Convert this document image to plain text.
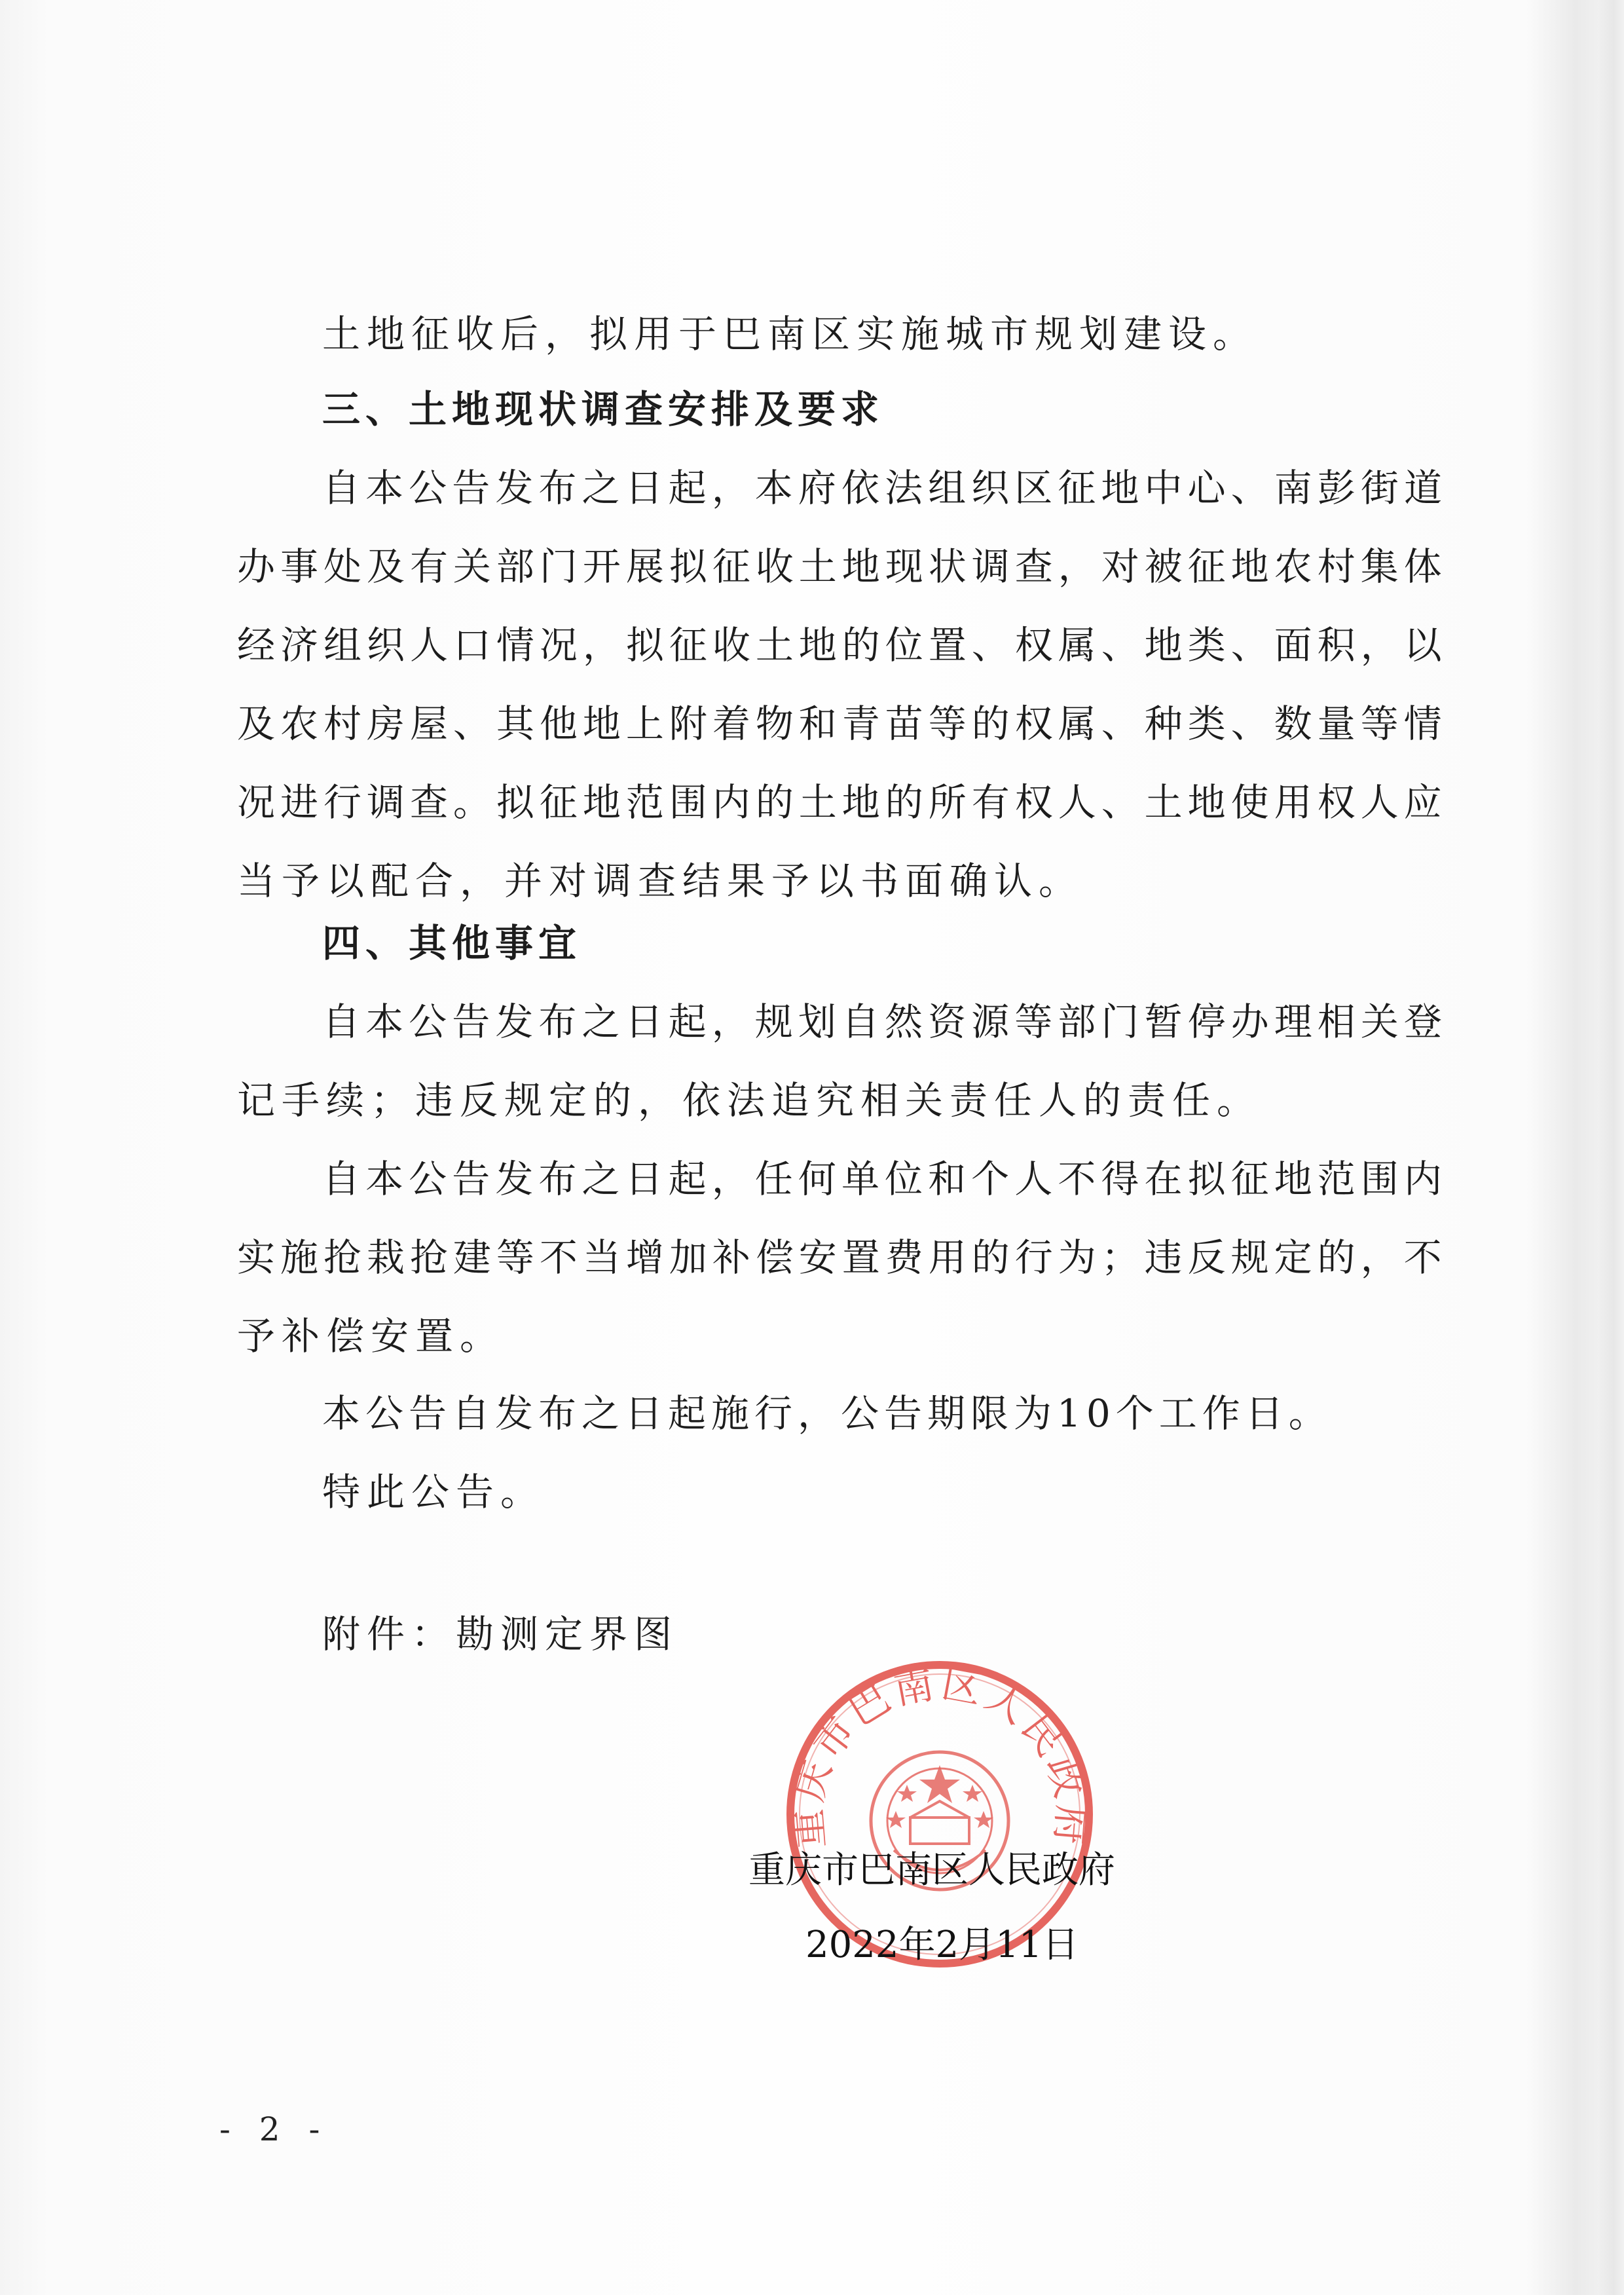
土地征收后，拟用于巴南区实施城市规划建设。
三、土地现状调查安排及要求
自 本 公 告 发 布 之 日 起 ， 本 府 依 法 组 织 区 征 地 中 心 、 南 彭 街 道
办 事 处 及 有 关 部 门 开 展 拟 征 收 土 地 现 状 调 查 ， 对 被 征 地 农 村 集 体
经 济 组 织 人 口 情 况 ， 拟 征 收 土 地 的 位 置 、 权 属 、 地 类 、 面 积 ， 以
及 农 村 房 屋 、 其 他 地 上 附 着 物 和 青 苗 等 的 权 属 、 种 类 、 数 量 等 情
况 进 行 调 查 。 拟 征 地 范 围 内 的 土 地 的 所 有 权 人 、 土 地 使 用 权 人 应
当予以配合，并对调查结果予以书面确认。
四、其他事宜
自 本 公 告 发 布 之 日 起 ， 规 划 自 然 资 源 等 部 门 暂 停 办 理 相 关 登
记手续；违反规定的，依法追究相关责任人的责任。
自 本 公 告 发 布 之 日 起 ， 任 何 单 位 和 个 人 不 得 在 拟 征 地 范 围 内
实 施 抢 栽 抢 建 等 不 当 增 加 补 偿 安 置 费 用 的 行 为 ； 违 反 规 定 的 ， 不
予补偿安置。
本公告自发布之日起施行，公告期限为10个工作日。
特此公告。
附件：勘测定界图
重庆市巴南区人民政府
重庆市巴南区人民政府
2022年2月11日
- 2 -
